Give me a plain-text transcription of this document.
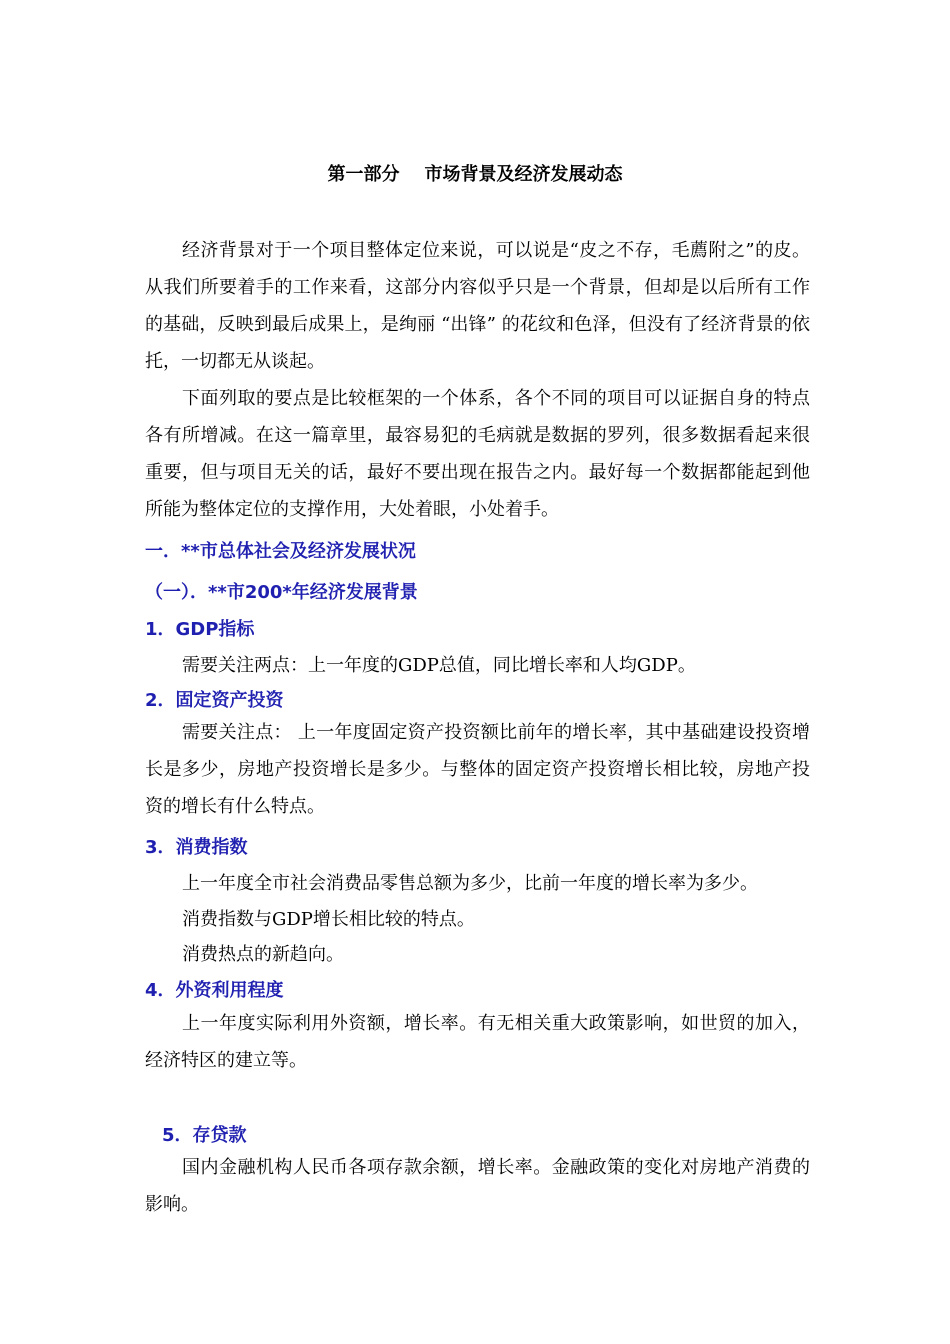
第一部分    市场背景及经济发展动态

经济背景对于一个项目整体定位来说，可以说是“皮之不存，毛薦附之”的皮。从我们所要着手的工作来看，这部分内容似乎只是一个背景，但却是以后所有工作的基础，反映到最后成果上，是绚丽 “出锋” 的花纹和色泽，但没有了经济背景的依托，一切都无从谈起。

下面列取的要点是比较框架的一个体系，各个不同的项目可以证据自身的特点各有所增减。在这一篇章里，最容易犯的毛病就是数据的罗列，很多数据看起来很重要，但与项目无关的话，最好不要出现在报告之内。最好每一个数据都能起到他所能为整体定位的支撑作用，大处着眼，小处着手。

一．**市总体社会及经济发展状况
（一）．**市200*年经济发展背景
1．GDP指标
需要关注两点：上一年度的GDP总值，同比增长率和人均GDP。
2．固定资产投资

需要关注点： 上一年度固定资产投资额比前年的增长率，其中基础建设投资增长是多少，房地产投资增长是多少。与整体的固定资产投资增长相比较，房地产投资的增长有什么特点。

3．消费指数
上一年度全市社会消费品零售总额为多少，比前一年度的增长率为多少。
消费指数与GDP增长相比较的特点。
消费热点的新趋向。
4．外资利用程度

上一年度实际利用外资额，增长率。有无相关重大政策影响，如世贸的加入，经济特区的建立等。

5．存贷款

国内金融机构人民币各项存款余额，增长率。金融政策的变化对房地产消费的影响。
